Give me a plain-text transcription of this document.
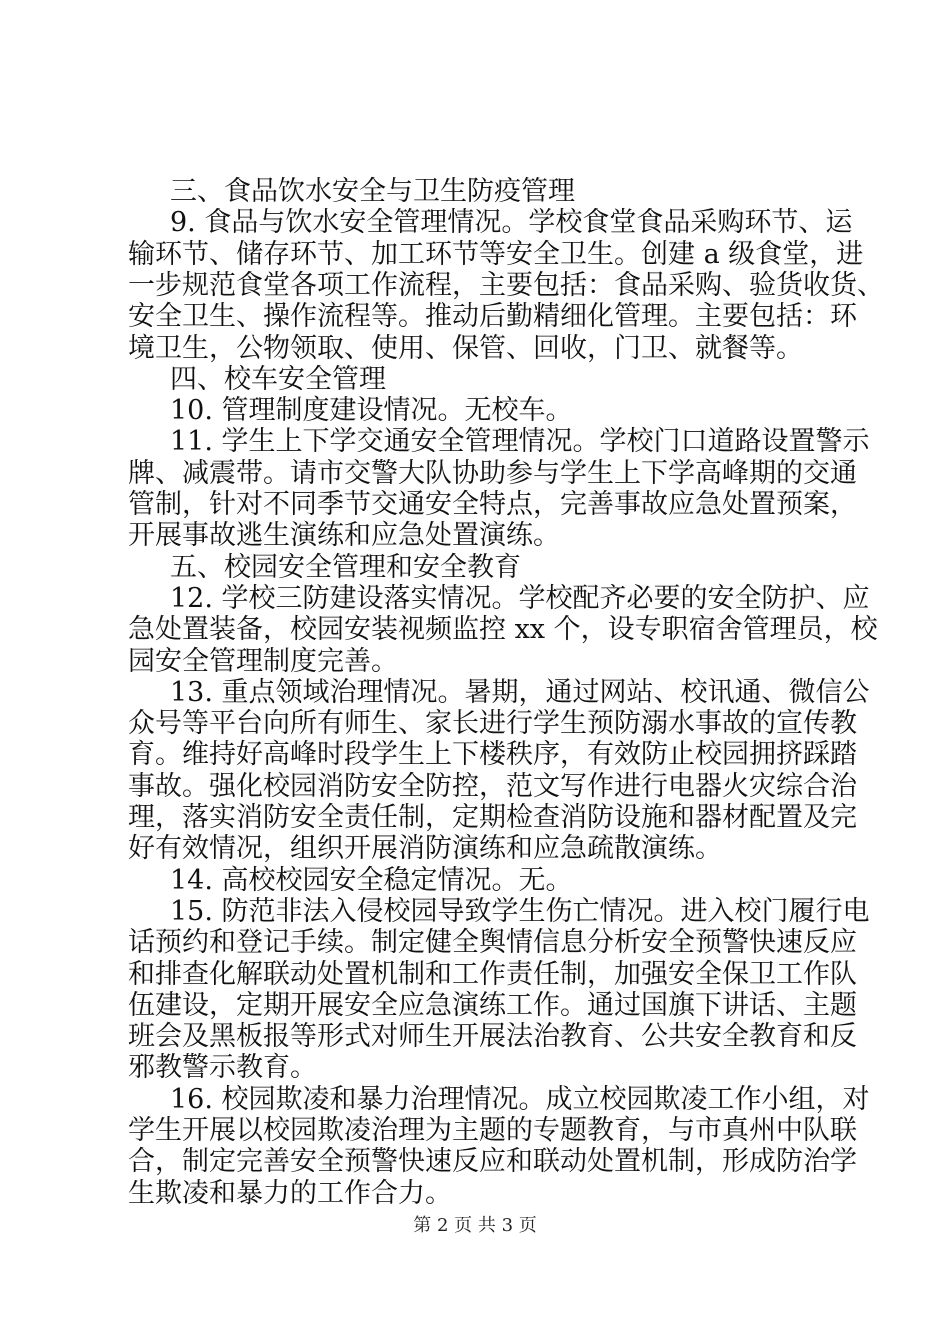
三、食品饮水安全与卫生防疫管理
9. 食品与饮水安全管理情况。学校食堂食品采购环节、运
输环节、储存环节、加工环节等安全卫生。创建 a 级食堂，进
一步规范食堂各项工作流程，主要包括：食品采购、验货收货、
安全卫生、操作流程等。推动后勤精细化管理。主要包括：环
境卫生，公物领取、使用、保管、回收，门卫、就餐等。
四、校车安全管理
10. 管理制度建设情况。无校车。
11. 学生上下学交通安全管理情况。学校门口道路设置警示
牌、减震带。请市交警大队协助参与学生上下学高峰期的交通
管制，针对不同季节交通安全特点，完善事故应急处置预案，
开展事故逃生演练和应急处置演练。
五、校园安全管理和安全教育
12. 学校三防建设落实情况。学校配齐必要的安全防护、应
急处置装备，校园安装视频监控 xx 个，设专职宿舍管理员，校
园安全管理制度完善。
13. 重点领域治理情况。暑期，通过网站、校讯通、微信公
众号等平台向所有师生、家长进行学生预防溺水事故的宣传教
育。维持好高峰时段学生上下楼秩序，有效防止校园拥挤踩踏
事故。强化校园消防安全防控，范文写作进行电器火灾综合治
理，落实消防安全责任制，定期检查消防设施和器材配置及完
好有效情况，组织开展消防演练和应急疏散演练。
14. 高校校园安全稳定情况。无。
15. 防范非法入侵校园导致学生伤亡情况。进入校门履行电
话预约和登记手续。制定健全舆情信息分析安全预警快速反应
和排查化解联动处置机制和工作责任制，加强安全保卫工作队
伍建设，定期开展安全应急演练工作。通过国旗下讲话、主题
班会及黑板报等形式对师生开展法治教育、公共安全教育和反
邪教警示教育。
16. 校园欺凌和暴力治理情况。成立校园欺凌工作小组，对
学生开展以校园欺凌治理为主题的专题教育，与市真州中队联
合，制定完善安全预警快速反应和联动处置机制，形成防治学
生欺凌和暴力的工作合力。
第 2 页 共 3 页
